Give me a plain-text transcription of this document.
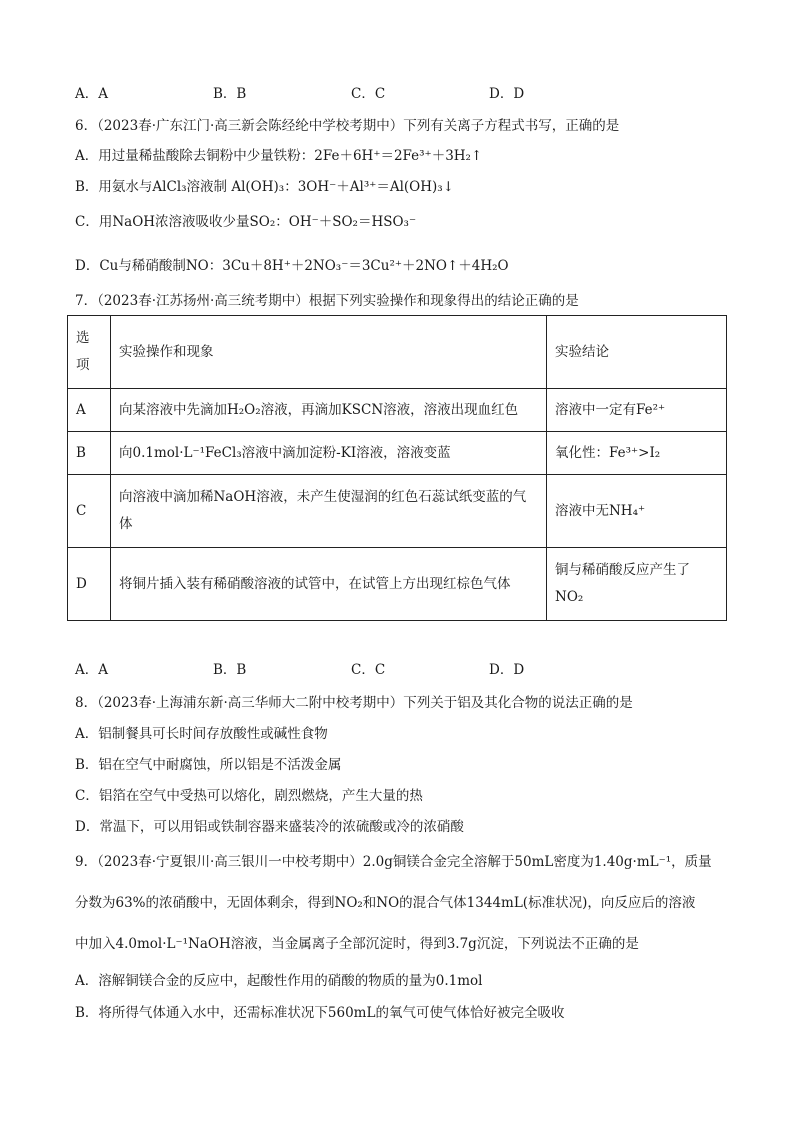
A．A	B．B	C．C	D．D
6．（2023春·广东江门·高三新会陈经纶中学校考期中）下列有关离子方程式书写，正确的是
A．用过量稀盐酸除去铜粉中少量铁粉：2Fe＋6H⁺＝2Fe³⁺＋3H₂↑
B．用氨水与AlCl₃溶液制 Al(OH)₃：3OH⁻＋Al³⁺＝Al(OH)₃↓
C．用NaOH浓溶液吸收少量SO₂：OH⁻＋SO₂＝HSO₃⁻
D．Cu与稀硝酸制NO：3Cu＋8H⁺＋2NO₃⁻＝3Cu²⁺＋2NO↑＋4H₂O
7．（2023春·江苏扬州·高三统考期中）根据下列实验操作和现象得出的结论正确的是
选项	实验操作和现象	实验结论
A	向某溶液中先滴加H₂O₂溶液，再滴加KSCN溶液，溶液出现血红色	溶液中一定有Fe²⁺
B	向0.1mol·L⁻¹FeCl₃溶液中滴加淀粉-KI溶液，溶液变蓝	氧化性：Fe³⁺>I₂
C	向溶液中滴加稀NaOH溶液，未产生使湿润的红色石蕊试纸变蓝的气体	溶液中无NH₄⁺
D	将铜片插入装有稀硝酸溶液的试管中，在试管上方出现红棕色气体	铜与稀硝酸反应产生了NO₂
A．A	B．B	C．C	D．D
8．（2023春·上海浦东新·高三华师大二附中校考期中）下列关于铝及其化合物的说法正确的是
A．铝制餐具可长时间存放酸性或碱性食物
B．铝在空气中耐腐蚀，所以铝是不活泼金属
C．铝箔在空气中受热可以熔化，剧烈燃烧，产生大量的热
D．常温下，可以用铝或铁制容器来盛装冷的浓硫酸或冷的浓硝酸
9．（2023春·宁夏银川·高三银川一中校考期中）2.0g铜镁合金完全溶解于50mL密度为1.40g·mL⁻¹，质量
分数为63%的浓硝酸中，无固体剩余，得到NO₂和NO的混合气体1344mL(标准状况)，向反应后的溶液
中加入4.0mol·L⁻¹NaOH溶液，当金属离子全部沉淀时，得到3.7g沉淀，下列说法不正确的是
A．溶解铜镁合金的反应中，起酸性作用的硝酸的物质的量为0.1mol
B．将所得气体通入水中，还需标准状况下560mL的氧气可使气体恰好被完全吸收
